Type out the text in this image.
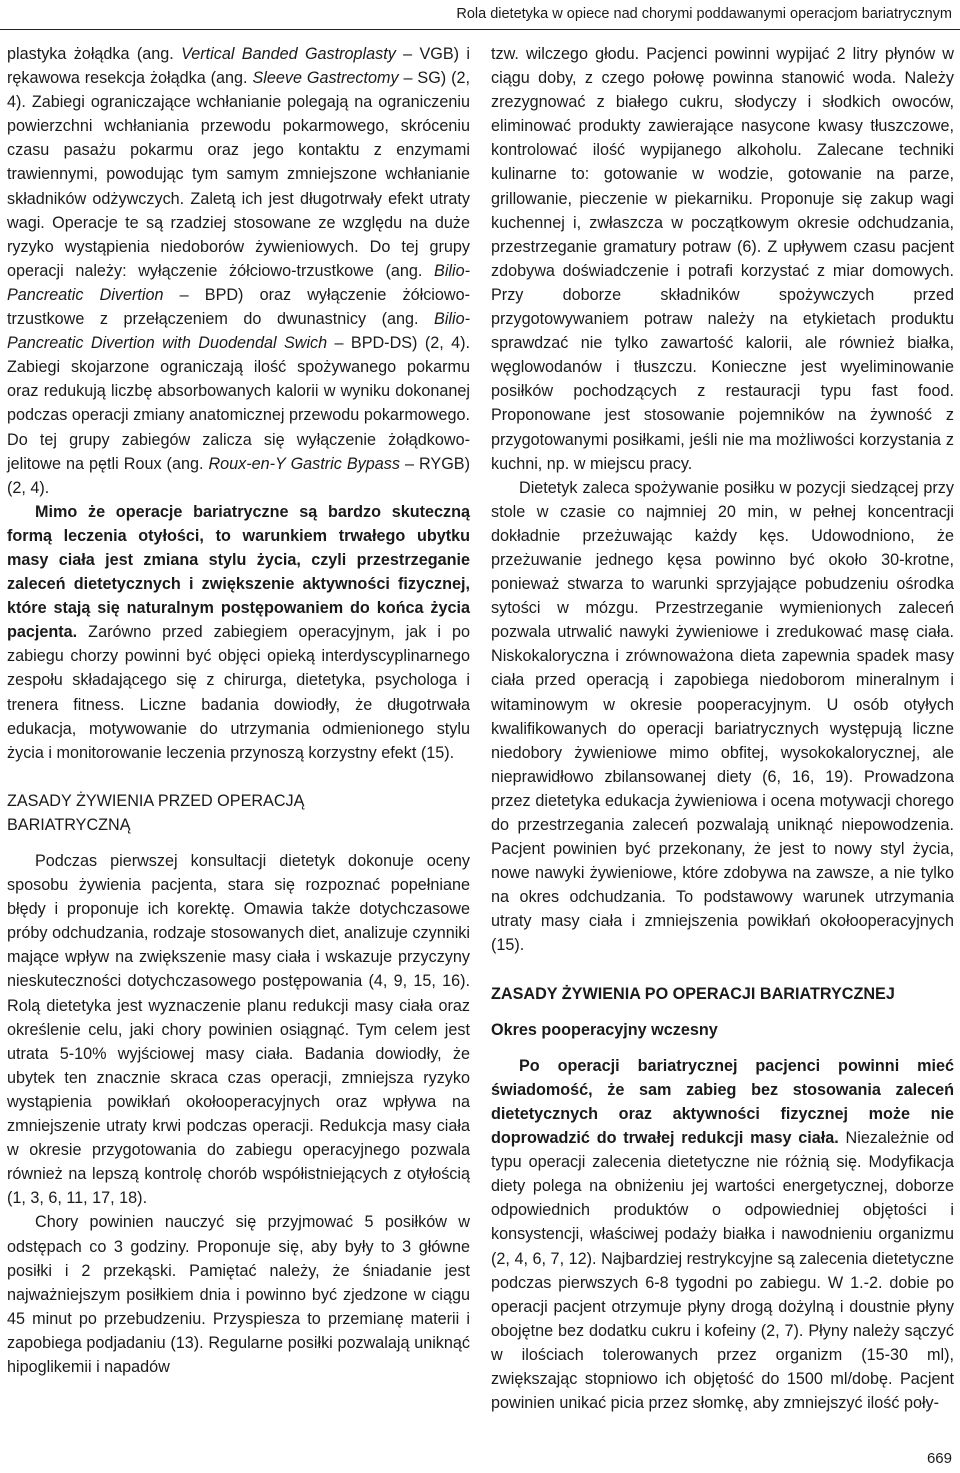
Rola dietetyka w opiece nad chorymi poddawanymi operacjom bariatrycznym

plastyka żołądka (ang. Vertical Banded Gastroplasty – VGB) i rękawowa resekcja żołądka (ang. Sleeve Gastrectomy – SG) (2, 4). Zabiegi ograniczające wchłanianie polegają na ograniczeniu powierzchni wchłaniania przewodu pokarmowego, skróceniu czasu pasażu pokarmu oraz jego kontaktu z enzymami trawiennymi, powodując tym samym zmniejszone wchłanianie składników odżywczych. Zaletą ich jest długotrwały efekt utraty wagi. Operacje te są rzadziej stosowane ze względu na duże ryzyko wystąpienia niedoborów żywieniowych. Do tej grupy operacji należy: wyłączenie żółciowo-trzustkowe (ang. Bilio-Pancreatic Divertion – BPD) oraz wyłączenie żółciowo-trzustkowe z przełączeniem do dwunastnicy (ang. Bilio-Pancreatic Divertion with Duodendal Swich – BPD-DS) (2, 4). Zabiegi skojarzone ograniczają ilość spożywanego pokarmu oraz redukują liczbę absorbowanych kalorii w wyniku dokonanej podczas operacji zmiany anatomicznej przewodu pokarmowego. Do tej grupy zabiegów zalicza się wyłączenie żołądkowo-jelitowe na pętli Roux (ang. Roux-en-Y Gastric Bypass – RYGB) (2, 4).

Mimo że operacje bariatryczne są bardzo skuteczną formą leczenia otyłości, to warunkiem trwałego ubytku masy ciała jest zmiana stylu życia, czyli przestrzeganie zaleceń dietetycznych i zwiększenie aktywności fizycznej, które stają się naturalnym postępowaniem do końca życia pacjenta. Zarówno przed zabiegiem operacyjnym, jak i po zabiegu chorzy powinni być objęci opieką interdyscyplinarnego zespołu składającego się z chirurga, dietetyka, psychologa i trenera fitness. Liczne badania dowiodły, że długotrwała edukacja, motywowanie do utrzymania odmienionego stylu życia i monitorowanie leczenia przynoszą korzystny efekt (15).

ZASADY ŻYWIENIA PRZED OPERACJĄ BARIATRYCZNĄ

Podczas pierwszej konsultacji dietetyk dokonuje oceny sposobu żywienia pacjenta, stara się rozpoznać popełniane błędy i proponuje ich korektę. Omawia także dotychczasowe próby odchudzania, rodzaje stosowanych diet, analizuje czynniki mające wpływ na zwiększenie masy ciała i wskazuje przyczyny nieskuteczności dotychczasowego postępowania (4, 9, 15, 16). Rolą dietetyka jest wyznaczenie planu redukcji masy ciała oraz określenie celu, jaki chory powinien osiągnąć. Tym celem jest utrata 5-10% wyjściowej masy ciała. Badania dowiodły, że ubytek ten znacznie skraca czas operacji, zmniejsza ryzyko wystąpienia powikłań okołooperacyjnych oraz wpływa na zmniejszenie utraty krwi podczas operacji. Redukcja masy ciała w okresie przygotowania do zabiegu operacyjnego pozwala również na lepszą kontrolę chorób współistniejących z otyłością (1, 3, 6, 11, 17, 18).

Chory powinien nauczyć się przyjmować 5 posiłków w odstępach co 3 godziny. Proponuje się, aby były to 3 główne posiłki i 2 przekąski. Pamiętać należy, że śniadanie jest najważniejszym posiłkiem dnia i powinno być zjedzone w ciągu 45 minut po przebudzeniu. Przyspiesza to przemianę materii i zapobiega podjadaniu (13). Regularne posiłki pozwalają uniknąć hipoglikemii i napadów

tzw. wilczego głodu. Pacjenci powinni wypijać 2 litry płynów w ciągu doby, z czego połowę powinna stanowić woda. Należy zrezygnować z białego cukru, słodyczy i słodkich owoców, eliminować produkty zawierające nasycone kwasy tłuszczowe, kontrolować ilość wypijanego alkoholu. Zalecane techniki kulinarne to: gotowanie w wodzie, gotowanie na parze, grillowanie, pieczenie w piekarniku. Proponuje się zakup wagi kuchennej i, zwłaszcza w początkowym okresie odchudzania, przestrzeganie gramatury potraw (6). Z upływem czasu pacjent zdobywa doświadczenie i potrafi korzystać z miar domowych. Przy doborze składników spożywczych przed przygotowywaniem potraw należy na etykietach produktu sprawdzać nie tylko zawartość kalorii, ale również białka, węglowodanów i tłuszczu. Konieczne jest wyeliminowanie posiłków pochodzących z restauracji typu fast food. Proponowane jest stosowanie pojemników na żywność z przygotowanymi posiłkami, jeśli nie ma możliwości korzystania z kuchni, np. w miejscu pracy.

Dietetyk zaleca spożywanie posiłku w pozycji siedzącej przy stole w czasie co najmniej 20 min, w pełnej koncentracji dokładnie przeżuwając każdy kęs. Udowodniono, że przeżuwanie jednego kęsa powinno być około 30-krotne, ponieważ stwarza to warunki sprzyjające pobudzeniu ośrodka sytości w mózgu. Przestrzeganie wymienionych zaleceń pozwala utrwalić nawyki żywieniowe i zredukować masę ciała. Niskokaloryczna i zrównoważona dieta zapewnia spadek masy ciała przed operacją i zapobiega niedoborom mineralnym i witaminowym w okresie pooperacyjnym. U osób otyłych kwalifikowanych do operacji bariatrycznych występują liczne niedobory żywieniowe mimo obfitej, wysokokalorycznej, ale nieprawidłowo zbilansowanej diety (6, 16, 19). Prowadzona przez dietetyka edukacja żywieniowa i ocena motywacji chorego do przestrzegania zaleceń pozwalają uniknąć niepowodzenia. Pacjent powinien być przekonany, że jest to nowy styl życia, nowe nawyki żywieniowe, które zdobywa na zawsze, a nie tylko na okres odchudzania. To podstawowy warunek utrzymania utraty masy ciała i zmniejszenia powikłań okołooperacyjnych (15).

ZASADY ŻYWIENIA PO OPERACJI BARIATRYCZNEJ

Okres pooperacyjny wczesny

Po operacji bariatrycznej pacjenci powinni mieć świadomość, że sam zabieg bez stosowania zaleceń dietetycznych oraz aktywności fizycznej może nie doprowadzić do trwałej redukcji masy ciała. Niezależnie od typu operacji zalecenia dietetyczne nie różnią się. Modyfikacja diety polega na obniżeniu jej wartości energetycznej, doborze odpowiednich produktów o odpowiedniej objętości i konsystencji, właściwej podaży białka i nawodnieniu organizmu (2, 4, 6, 7, 12). Najbardziej restrykcyjne są zalecenia dietetyczne podczas pierwszych 6-8 tygodni po zabiegu. W 1.-2. dobie po operacji pacjent otrzymuje płyny drogą dożylną i doustnie płyny obojętne bez dodatku cukru i kofeiny (2, 7). Płyny należy sączyć w ilościach tolerowanych przez organizm (15-30 ml), zwiększając stopniowo ich objętość do 1500 ml/dobę. Pacjent powinien unikać picia przez słomkę, aby zmniejszyć ilość poły-

669
